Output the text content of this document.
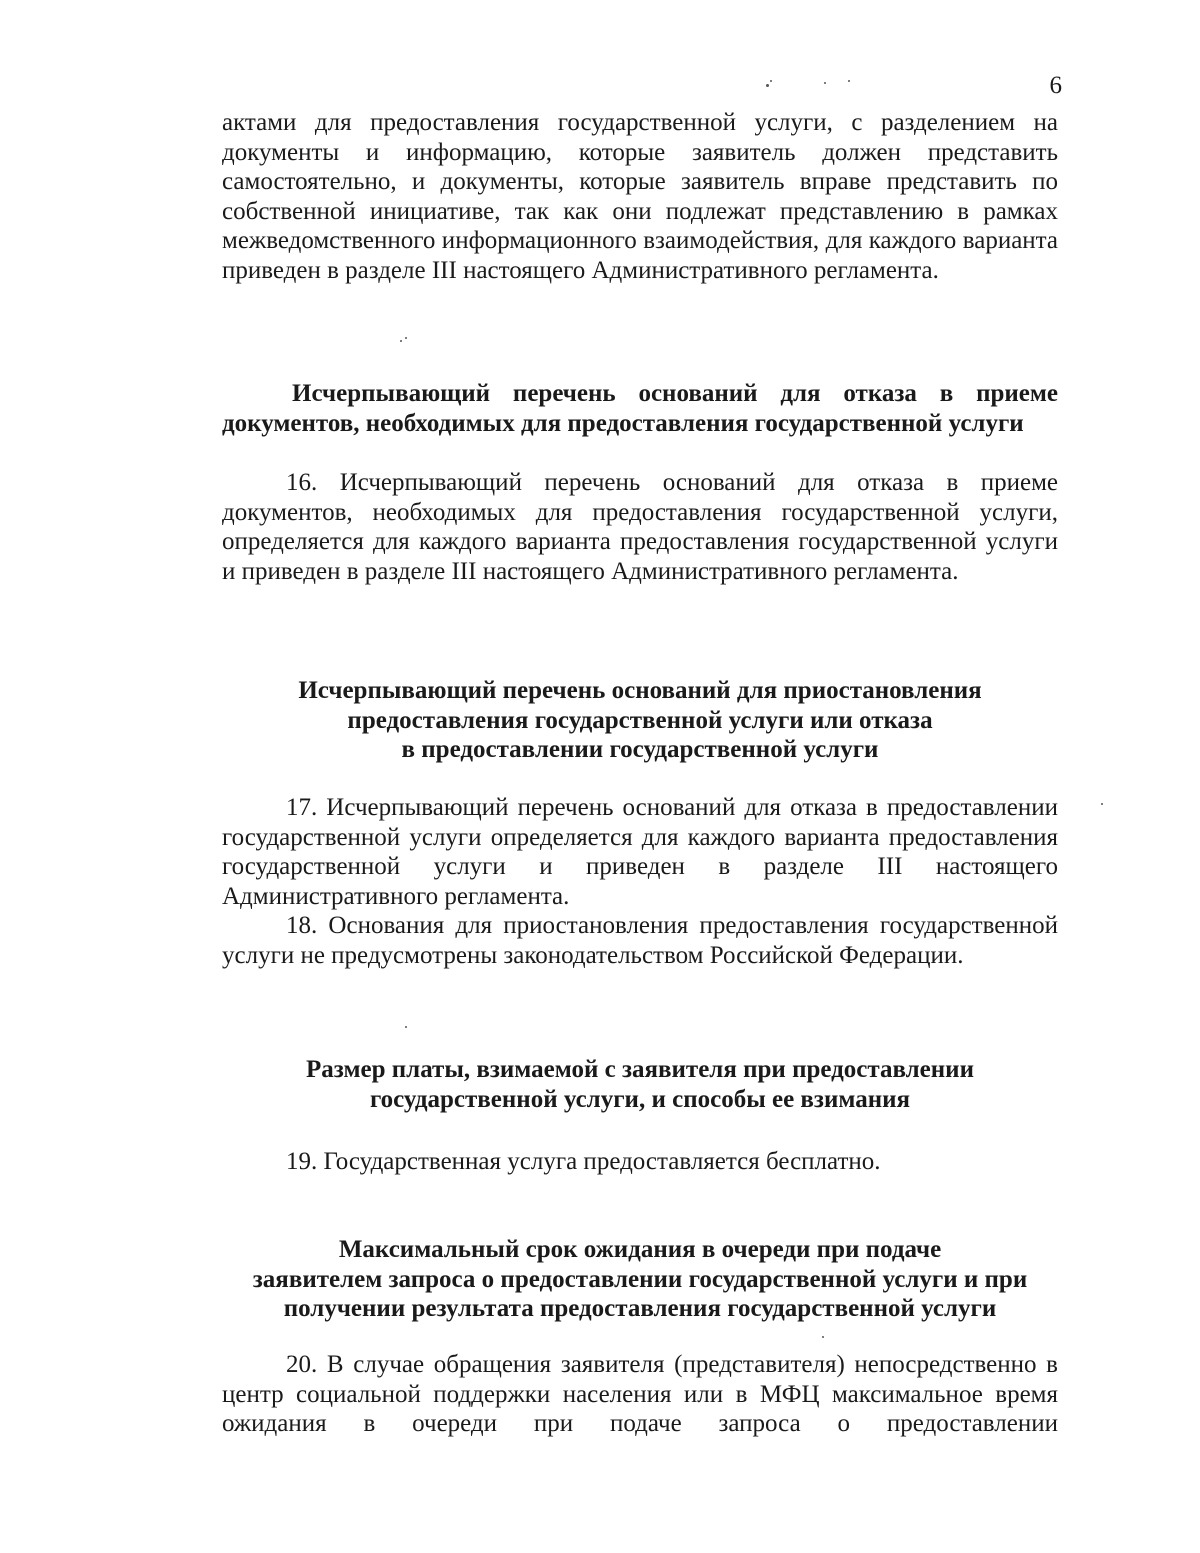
6

актами для предоставления государственной услуги, с разделением на документы и информацию, которые заявитель должен представить самостоятельно, и документы, которые заявитель вправе представить по собственной инициативе, так как они подлежат представлению в рамках межведомственного информационного взаимодействия, для каждого варианта приведен в разделе III настоящего Административного регламента.

Исчерпывающий перечень оснований для отказа в приеме документов, необходимых для предоставления государственной услуги

16. Исчерпывающий перечень оснований для отказа в приеме документов, необходимых для предоставления государственной услуги, определяется для каждого варианта предоставления государственной услуги и приведен в разделе III настоящего Административного регламента.

Исчерпывающий перечень оснований для приостановления
предоставления государственной услуги или отказа
в предоставлении государственной услуги

17. Исчерпывающий перечень оснований для отказа в предоставлении государственной услуги определяется для каждого варианта предоставления государственной услуги и приведен в разделе III настоящего Административного регламента.

18. Основания для приостановления предоставления государственной услуги не предусмотрены законодательством Российской Федерации.

Размер платы, взимаемой с заявителя при предоставлении
государственной услуги, и способы ее взимания

19. Государственная услуга предоставляется бесплатно.

Максимальный срок ожидания в очереди при подаче
заявителем запроса о предоставлении государственной услуги и при
получении результата предоставления государственной услуги

20. В случае обращения заявителя (представителя) непосредственно в центр социальной поддержки населения или в МФЦ максимальное время ожидания в очереди при подаче запроса о предоставлении
